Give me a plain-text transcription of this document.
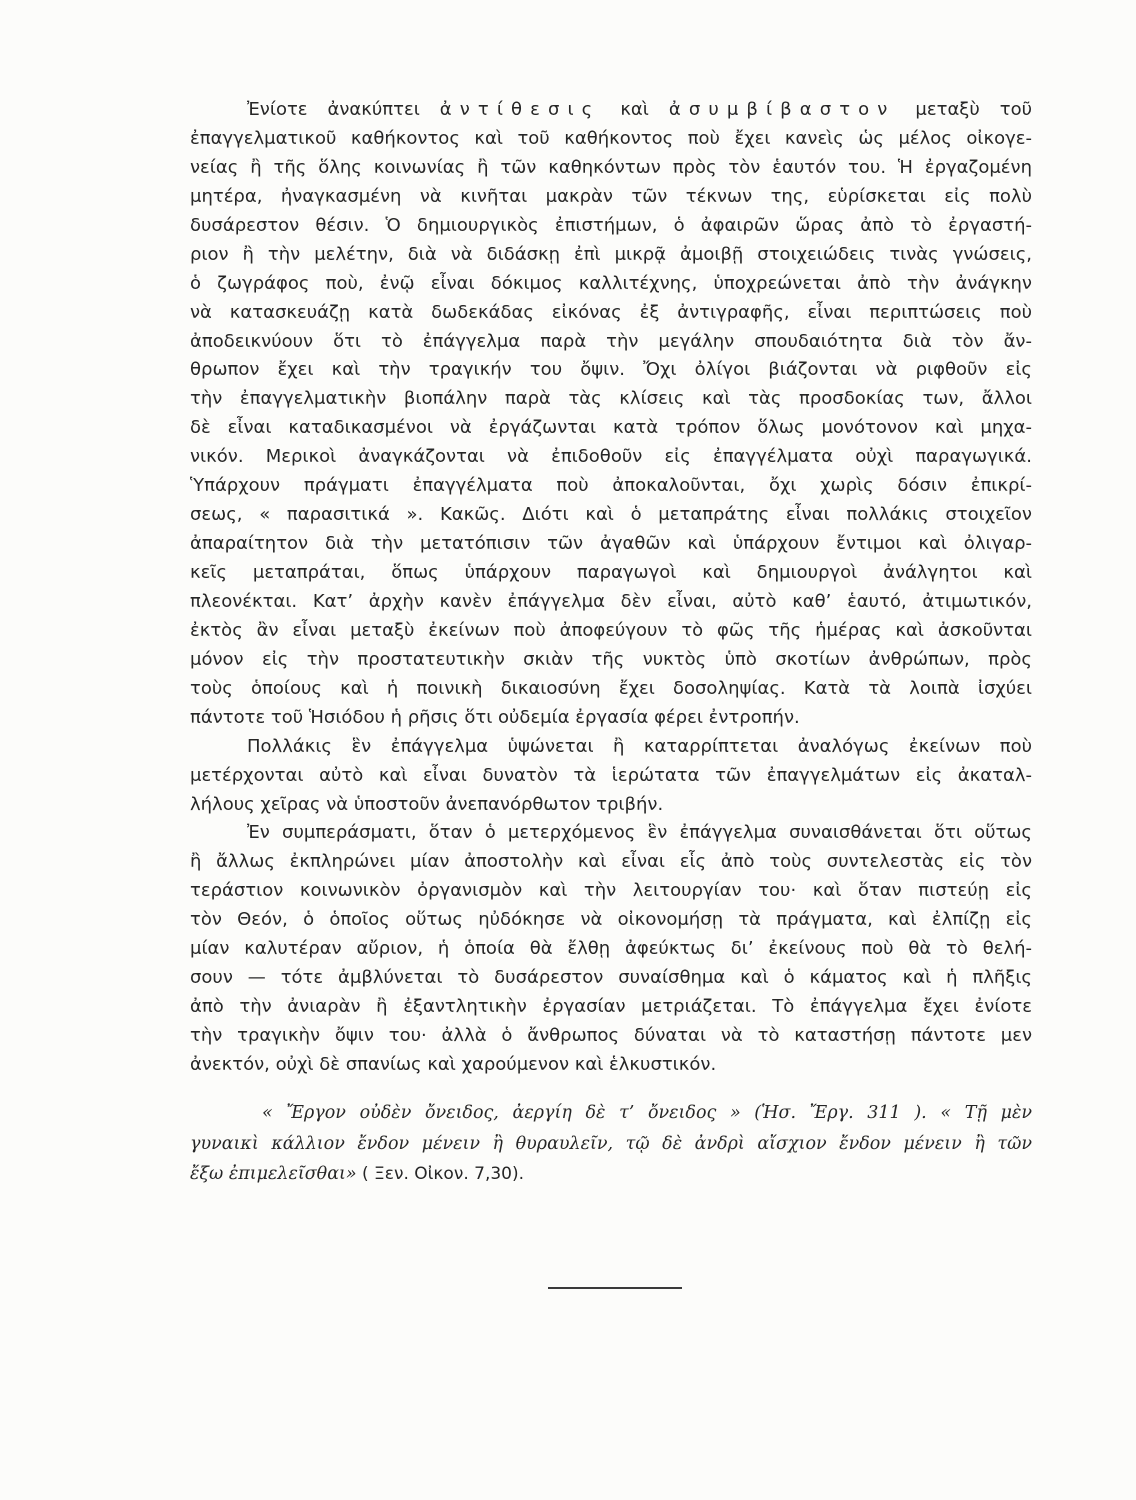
Ἐνίοτε ἀνακύπτει ἀντίθεσις καὶ ἀσυμβίβαστον μεταξὺ τοῦ
ἐπαγγελματικοῦ καθήκοντος καὶ τοῦ καθήκοντος ποὺ ἔχει κανεὶς ὡς μέλος οἰκογε-
νείας ἢ τῆς ὅλης κοινωνίας ἢ τῶν καθηκόντων πρὸς τὸν ἑαυτόν του. Ἡ ἐργαζομένη
μητέρα, ἠναγκασμένη νὰ κινῆται μακρὰν τῶν τέκνων της, εὑρίσκεται εἰς πολὺ
δυσάρεστον θέσιν. Ὁ δημιουργικὸς ἐπιστήμων, ὁ ἀφαιρῶν ὥρας ἀπὸ τὸ ἐργαστή-
ριον ἢ τὴν μελέτην, διὰ νὰ διδάσκῃ ἐπὶ μικρᾷ ἀμοιβῇ στοιχειώδεις τινὰς γνώσεις,
ὁ ζωγράφος ποὺ, ἐνῷ εἶναι δόκιμος καλλιτέχνης, ὑποχρεώνεται ἀπὸ τὴν ἀνάγκην
νὰ κατασκευάζῃ κατὰ δωδεκάδας εἰκόνας ἐξ ἀντιγραφῆς, εἶναι περιπτώσεις ποὺ
ἀποδεικνύουν ὅτι τὸ ἐπάγγελμα παρὰ τὴν μεγάλην σπουδαιότητα διὰ τὸν ἄν-
θρωπον ἔχει καὶ τὴν τραγικήν του ὄψιν. Ὄχι ὀλίγοι βιάζονται νὰ ριφθοῦν εἰς
τὴν ἐπαγγελματικὴν βιοπάλην παρὰ τὰς κλίσεις καὶ τὰς προσδοκίας των, ἄλλοι
δὲ εἶναι καταδικασμένοι νὰ ἐργάζωνται κατὰ τρόπον ὅλως μονότονον καὶ μηχα-
νικόν. Μερικοὶ ἀναγκάζονται νὰ ἐπιδοθοῦν εἰς ἐπαγγέλματα οὐχὶ παραγωγικά.
Ὑπάρχουν πράγματι ἐπαγγέλματα ποὺ ἀποκαλοῦνται, ὄχι χωρὶς δόσιν ἐπικρί-
σεως, « παρασιτικά ». Κακῶς. Διότι καὶ ὁ μεταπράτης εἶναι πολλάκις στοιχεῖον
ἀπαραίτητον διὰ τὴν μετατόπισιν τῶν ἀγαθῶν καὶ ὑπάρχουν ἔντιμοι καὶ ὀλιγαρ-
κεῖς μεταπράται, ὅπως ὑπάρχουν παραγωγοὶ καὶ δημιουργοὶ ἀνάλγητοι καὶ
πλεονέκται. Κατ’ ἀρχὴν κανὲν ἐπάγγελμα δὲν εἶναι, αὐτὸ καθ’ ἑαυτό, ἀτιμωτικόν,
ἐκτὸς ἂν εἶναι μεταξὺ ἐκείνων ποὺ ἀποφεύγουν τὸ φῶς τῆς ἡμέρας καὶ ἀσκοῦνται
μόνον εἰς τὴν προστατευτικὴν σκιὰν τῆς νυκτὸς ὑπὸ σκοτίων ἀνθρώπων, πρὸς
τοὺς ὁποίους καὶ ἡ ποινικὴ δικαιοσύνη ἔχει δοσοληψίας. Κατὰ τὰ λοιπὰ ἰσχύει
πάντοτε τοῦ Ἡσιόδου ἡ ρῆσις ὅτι οὐδεμία ἐργασία φέρει ἐντροπήν.
Πολλάκις ἓν ἐπάγγελμα ὑψώνεται ἢ καταρρίπτεται ἀναλόγως ἐκείνων ποὺ
μετέρχονται αὐτὸ καὶ εἶναι δυνατὸν τὰ ἱερώτατα τῶν ἐπαγγελμάτων εἰς ἀκαταλ-
λήλους χεῖρας νὰ ὑποστοῦν ἀνεπανόρθωτον τριβήν.
Ἐν συμπεράσματι, ὅταν ὁ μετερχόμενος ἓν ἐπάγγελμα συναισθάνεται ὅτι οὕτως
ἢ ἄλλως ἐκπληρώνει μίαν ἀποστολὴν καὶ εἶναι εἷς ἀπὸ τοὺς συντελεστὰς εἰς τὸν
τεράστιον κοινωνικὸν ὀργανισμὸν καὶ τὴν λειτουργίαν του· καὶ ὅταν πιστεύῃ εἰς
τὸν Θεόν, ὁ ὁποῖος οὕτως ηὐδόκησε νὰ οἰκονομήσῃ τὰ πράγματα, καὶ ἐλπίζῃ εἰς
μίαν καλυτέραν αὔριον, ἡ ὁποία θὰ ἔλθῃ ἀφεύκτως δι’ ἐκείνους ποὺ θὰ τὸ θελή-
σουν — τότε ἀμβλύνεται τὸ δυσάρεστον συναίσθημα καὶ ὁ κάματος καὶ ἡ πλῆξις
ἀπὸ τὴν ἀνιαρὰν ἢ ἐξαντλητικὴν ἐργασίαν μετριάζεται. Τὸ ἐπάγγελμα ἔχει ἐνίοτε
τὴν τραγικὴν ὄψιν του· ἀλλὰ ὁ ἄνθρωπος δύναται νὰ τὸ καταστήσῃ πάντοτε μεν
ἀνεκτόν, οὐχὶ δὲ σπανίως καὶ χαρούμενον καὶ ἑλκυστικόν.
« Ἔργον οὐδὲν ὄνειδος, ἀεργίη δὲ τ’ ὄνειδος » (Ἡσ. Ἔργ. 311 ). « Τῇ μὲν
γυναικὶ κάλλιον ἔνδον μένειν ἢ θυραυλεῖν, τῷ δὲ ἀνδρὶ αἴσχιον ἔνδον μένειν ἢ τῶν
ἔξω ἐπιμελεῖσθαι» ( Ξεν. Οἰκον. 7,30).
